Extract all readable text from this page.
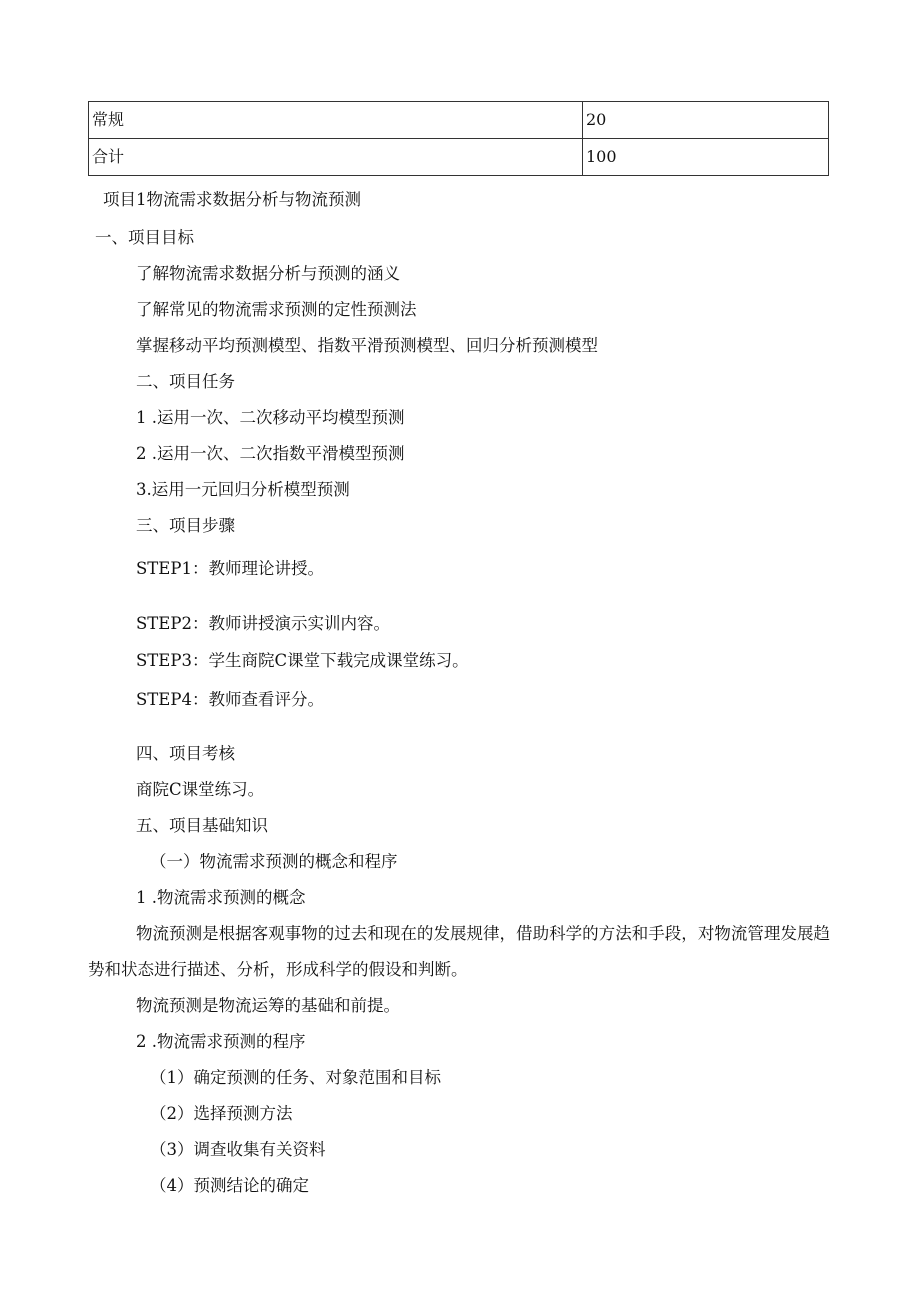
常规	20
合计	100
项目1物流需求数据分析与物流预测
一、项目目标
了解物流需求数据分析与预测的涵义
了解常见的物流需求预测的定性预测法
掌握移动平均预测模型、指数平滑预测模型、回归分析预测模型
二、项目任务
1 .运用一次、二次移动平均模型预测
2 .运用一次、二次指数平滑模型预测
3.运用一元回归分析模型预测
三、项目步骤
STEP1：教师理论讲授。
STEP2：教师讲授演示实训内容。
STEP3：学生商院C课堂下载完成课堂练习。
STEP4：教师查看评分。
四、项目考核
商院C课堂练习。
五、项目基础知识
（一）物流需求预测的概念和程序
1 .物流需求预测的概念
物流预测是根据客观事物的过去和现在的发展规律，借助科学的方法和手段，对物流管理发展趋势和状态进行描述、分析，形成科学的假设和判断。
物流预测是物流运筹的基础和前提。
2 .物流需求预测的程序
（1）确定预测的任务、对象范围和目标
（2）选择预测方法
（3）调查收集有关资料
（4）预测结论的确定
